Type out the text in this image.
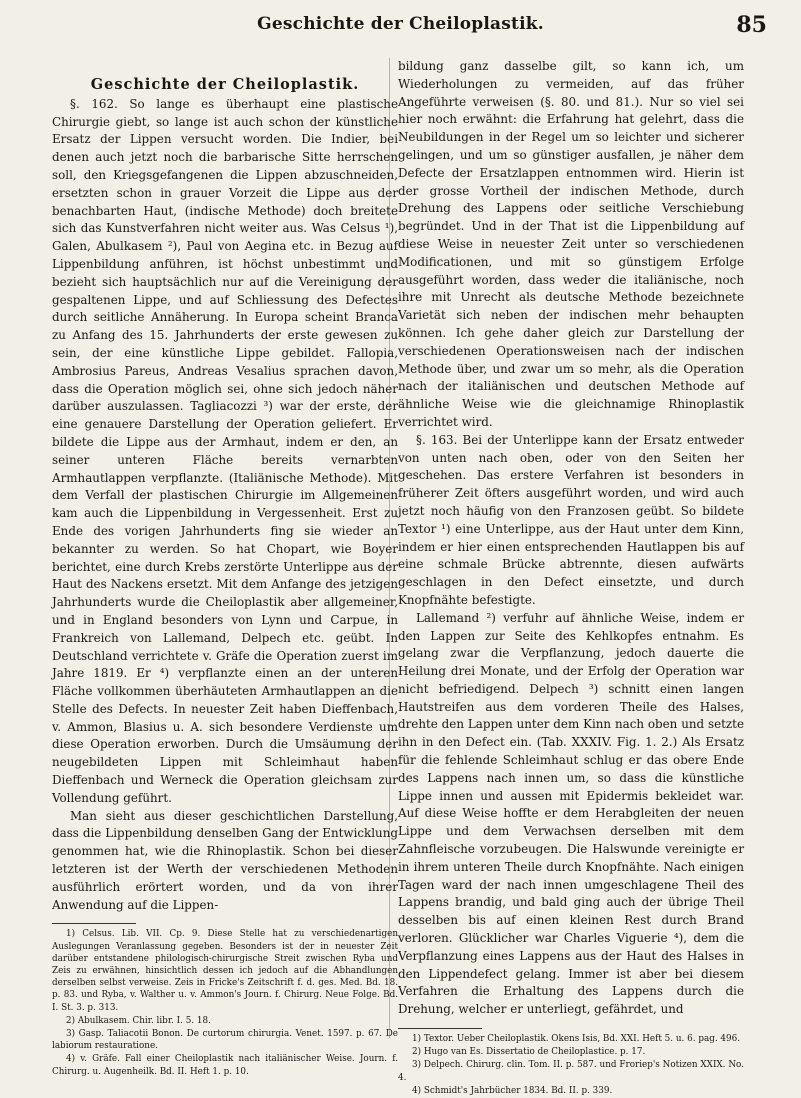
Geschichte der Cheiloplastik.	85
Geschichte der Cheiloplastik.

§. 162. So lange es überhaupt eine plastische Chirurgie giebt, so lange ist auch schon der künstliche Ersatz der Lippen versucht worden. Die Indier, bei denen auch jetzt noch die barbarische Sitte herrschen soll, den Kriegsgefangenen die Lippen abzuschneiden, ersetzten schon in grauer Vorzeit die Lippe aus der benachbarten Haut, (indische Methode) doch breitete sich das Kunstverfahren nicht weiter aus. Was Celsus ¹), Galen, Abulkasem ²), Paul von Aegina etc. in Bezug auf Lippenbildung anführen, ist höchst unbestimmt und bezieht sich hauptsächlich nur auf die Vereinigung der gespaltenen Lippe, und auf Schliessung des Defectes durch seitliche Annäherung. In Europa scheint Branca zu Anfang des 15. Jahrhunderts der erste gewesen zu sein, der eine künstliche Lippe gebildet. Fallopia, Ambrosius Pareus, Andreas Vesalius sprachen davon, dass die Operation möglich sei, ohne sich jedoch näher darüber auszulassen. Tagliacozzi ³) war der erste, der eine genauere Darstellung der Operation geliefert. Er bildete die Lippe aus der Armhaut, indem er den, an seiner unteren Fläche bereits vernarbten Armhautlappen verpflanzte. (Italiänische Methode). Mit dem Verfall der plastischen Chirurgie im Allgemeinen kam auch die Lippenbildung in Vergessenheit. Erst zu Ende des vorigen Jahrhunderts fing sie wieder an bekannter zu werden. So hat Chopart, wie Boyer berichtet, eine durch Krebs zerstörte Unterlippe aus der Haut des Nackens ersetzt. Mit dem Anfange des jetzigen Jahrhunderts wurde die Cheiloplastik aber allgemeiner, und in England besonders von Lynn und Carpue, in Frankreich von Lallemand, Delpech etc. geübt. In Deutschland verrichtete v. Gräfe die Operation zuerst im Jahre 1819. Er ⁴) verpflanzte einen an der unteren Fläche vollkommen überhäuteten Armhautlappen an die Stelle des Defects. In neuester Zeit haben Dieffenbach, v. Ammon, Blasius u. A. sich besondere Verdienste um diese Operation erworben. Durch die Umsäumung der neugebildeten Lippen mit Schleimhaut haben Dieffenbach und Werneck die Operation gleichsam zur Vollendung geführt.

Man sieht aus dieser geschichtlichen Darstellung, dass die Lippenbildung denselben Gang der Entwicklung genommen hat, wie die Rhinoplastik. Schon bei dieser letzteren ist der Werth der verschiedenen Methoden ausführlich erörtert worden, und da von ihrer Anwendung auf die Lippen-

1) Celsus. Lib. VII. Cp. 9. Diese Stelle hat zu verschiedenartigen Auslegungen Veranlassung gegeben. Besonders ist der in neuester Zeit darüber entstandene philologisch-chirurgische Streit zwischen Ryba und Zeis zu erwähnen, hinsichtlich dessen ich jedoch auf die Abhandlungen derselben selbst verweise. Zeis in Fricke's Zeitschrift f. d. ges. Med. Bd. 18. p. 83. und Ryba, v. Walther u. v. Ammon's Journ. f. Chirurg. Neue Folge. Bd. I. St. 3. p. 313.

2) Abulkasem. Chir. libr. I. 5. 18.

3) Gasp. Taliacotii Bonon. De curtorum chirurgia. Venet. 1597. p. 67. De labiorum restauratione.

4) v. Gräfe. Fall einer Cheiloplastik nach italiänischer Weise. Journ. f. Chirurg. u. Augenheilk. Bd. II. Heft 1. p. 10.

bildung ganz dasselbe gilt, so kann ich, um Wiederholungen zu vermeiden, auf das früher Angeführte verweisen (§. 80. und 81.). Nur so viel sei hier noch erwähnt: die Erfahrung hat gelehrt, dass die Neubildungen in der Regel um so leichter und sicherer gelingen, und um so günstiger ausfallen, je näher dem Defecte der Ersatzlappen entnommen wird. Hierin ist der grosse Vortheil der indischen Methode, durch Drehung des Lappens oder seitliche Verschiebung begründet. Und in der That ist die Lippenbildung auf diese Weise in neuester Zeit unter so verschiedenen Modificationen, und mit so günstigem Erfolge ausgeführt worden, dass weder die italiänische, noch ihre mit Unrecht als deutsche Methode bezeichnete Varietät sich neben der indischen mehr behaupten können. Ich gehe daher gleich zur Darstellung der verschiedenen Operationsweisen nach der indischen Methode über, und zwar um so mehr, als die Operation nach der italiänischen und deutschen Methode auf ähnliche Weise wie die gleichnamige Rhinoplastik verrichtet wird.

§. 163. Bei der Unterlippe kann der Ersatz entweder von unten nach oben, oder von den Seiten her geschehen. Das erstere Verfahren ist besonders in früherer Zeit öfters ausgeführt worden, und wird auch jetzt noch häufig von den Franzosen geübt. So bildete Textor ¹) eine Unterlippe, aus der Haut unter dem Kinn, indem er hier einen entsprechenden Hautlappen bis auf eine schmale Brücke abtrennte, diesen aufwärts geschlagen in den Defect einsetzte, und durch Knopfnähte befestigte.

Lallemand ²) verfuhr auf ähnliche Weise, indem er den Lappen zur Seite des Kehlkopfes entnahm. Es gelang zwar die Verpflanzung, jedoch dauerte die Heilung drei Monate, und der Erfolg der Operation war nicht befriedigend. Delpech ³) schnitt einen langen Hautstreifen aus dem vorderen Theile des Halses, drehte den Lappen unter dem Kinn nach oben und setzte ihn in den Defect ein. (Tab. XXXIV. Fig. 1. 2.) Als Ersatz für die fehlende Schleimhaut schlug er das obere Ende des Lappens nach innen um, so dass die künstliche Lippe innen und aussen mit Epidermis bekleidet war. Auf diese Weise hoffte er dem Herabgleiten der neuen Lippe und dem Verwachsen derselben mit dem Zahnfleische vorzubeugen. Die Halswunde vereinigte er in ihrem unteren Theile durch Knopfnähte. Nach einigen Tagen ward der nach innen umgeschlagene Theil des Lappens brandig, und bald ging auch der übrige Theil desselben bis auf einen kleinen Rest durch Brand verloren. Glücklicher war Charles Viguerie ⁴), dem die Verpflanzung eines Lappens aus der Haut des Halses in den Lippendefect gelang. Immer ist aber bei diesem Verfahren die Erhaltung des Lappens durch die Drehung, welcher er unterliegt, gefährdet, und

1) Textor. Ueber Cheiloplastik. Okens Isis, Bd. XXI. Heft 5. u. 6. pag. 496.

2) Hugo van Es. Dissertatio de Cheiloplastice. p. 17.

3) Delpech. Chirurg. clin. Tom. II. p. 587. und Froriep's Notizen XXIX. No. 4.

4) Schmidt's Jahrbücher 1834. Bd. II. p. 339.
